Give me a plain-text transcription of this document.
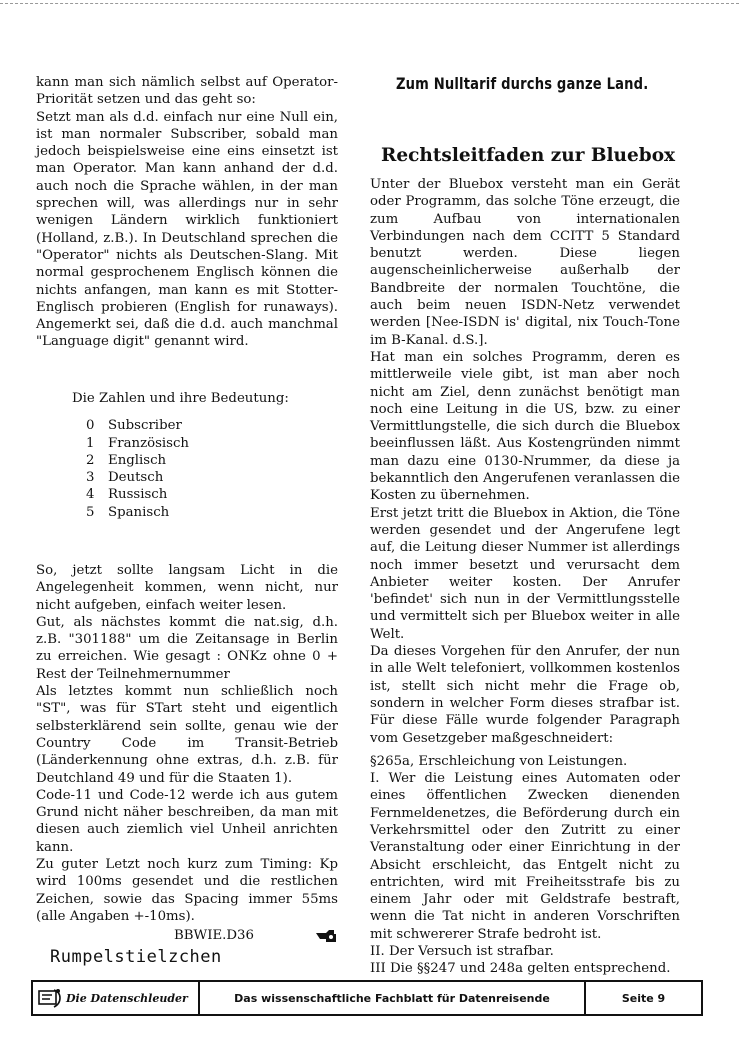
kann man sich nämlich selbst auf Operator-Priorität setzen und das geht so:

Setzt man als d.d. einfach nur eine Null ein, ist man normaler Subscriber, sobald man jedoch beispielsweise eine eins einsetzt ist man Operator. Man kann anhand der d.d. auch noch die Sprache wählen, in der man sprechen will, was allerdings nur in sehr wenigen Ländern wirklich funktioniert (Holland, z.B.). In Deutschland sprechen die "Operator" nichts als Deutschen-Slang. Mit normal gesprochenem Englisch können die nichts anfangen, man kann es mit Stotter-Englisch probieren (English for runaways). Angemerkt sei, daß die d.d. auch manchmal "Language digit" genannt wird.

Die Zahlen und ihre Bedeutung:
0	Subscriber
1	Französisch
2	Englisch
3	Deutsch
4	Russisch
5	Spanisch

So, jetzt sollte langsam Licht in die Angelegenheit kommen, wenn nicht, nur nicht aufgeben, einfach weiter lesen.

Gut, als nächstes kommt die nat.sig, d.h. z.B. "301188" um die Zeitansage in Berlin zu erreichen. Wie gesagt : ONKz ohne 0 + Rest der Teilnehmernummer

Als letztes kommt nun schließlich noch "ST", was für STart steht und eigentlich selbsterklärend sein sollte, genau wie der Country Code im Transit-Betrieb (Länderkennung ohne extras, d.h. z.B. für Deutchland 49 und für die Staaten 1).

Code-11 und Code-12 werde ich aus gutem Grund nicht näher beschreiben, da man mit diesen auch ziemlich viel Unheil anrichten kann.

Zu guter Letzt noch kurz zum Timing: Kp wird 100ms gesendet und die restlichen Zeichen, sowie das Spacing immer 55ms (alle Angaben +-10ms).

BBWIE.D36
Rumpelstielzchen
Zum Nulltarif durchs ganze Land.
Rechtsleitfaden zur Bluebox

Unter der Bluebox versteht man ein Gerät oder Programm, das solche Töne erzeugt, die zum Aufbau von internationalen Verbindungen nach dem CCITT 5 Standard benutzt werden. Diese liegen augenscheinlicherweise außerhalb der Bandbreite der normalen Touchtöne, die auch beim neuen ISDN-Netz verwendet werden [Nee-ISDN is' digital, nix Touch-Tone im B-Kanal. d.S.].

Hat man ein solches Programm, deren es mittlerweile viele gibt, ist man aber noch nicht am Ziel, denn zunächst benötigt man noch eine Leitung in die US, bzw. zu einer Vermittlungstelle, die sich durch die Bluebox beeinflussen läßt. Aus Kostengründen nimmt man dazu eine 0130-Nrummer, da diese ja bekanntlich den Angerufenen veranlassen die Kosten zu übernehmen.

Erst jetzt tritt die Bluebox in Aktion, die Töne werden gesendet und der Angerufene legt auf, die Leitung dieser Nummer ist allerdings noch immer besetzt und verursacht dem Anbieter weiter kosten. Der Anrufer 'befindet' sich nun in der Vermittlungsstelle und vermittelt sich per Bluebox weiter in alle Welt.

Da dieses Vorgehen für den Anrufer, der nun in alle Welt telefoniert, vollkommen kostenlos ist, stellt sich nicht mehr die Frage ob, sondern in welcher Form dieses strafbar ist. Für diese Fälle wurde folgender Paragraph vom Gesetzgeber maßgeschneidert:

§265a, Erschleichung von Leistungen.

I. Wer die Leistung eines Automaten oder eines öffentlichen Zwecken dienenden Fernmeldenetzes, die Beförderung durch ein Verkehrsmittel oder den Zutritt zu einer Veranstaltung oder einer Einrichtung in der Absicht erschleicht, das Entgelt nicht zu entrichten, wird mit Freiheitsstrafe bis zu einem Jahr oder mit Geldstrafe bestraft, wenn die Tat nicht in anderen Vorschriften mit schwererer Strafe bedroht ist.

II. Der Versuch ist strafbar.

III Die §§247 und 248a gelten entsprechend.

Die Datenschleuder	Das wissenschaftliche Fachblatt für Datenreisende	Seite 9
